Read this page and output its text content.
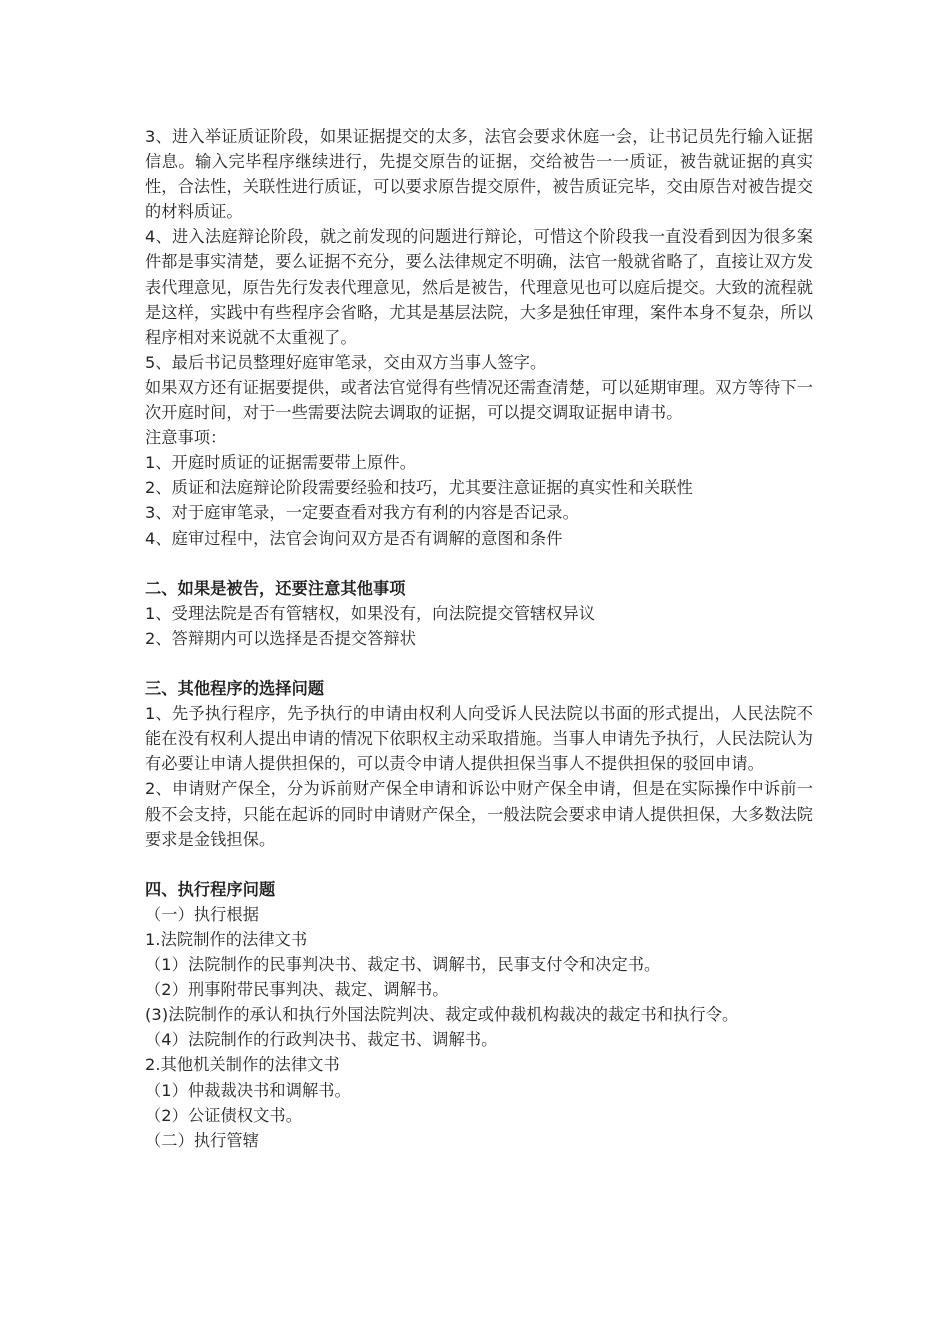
3、进入举证质证阶段，如果证据提交的太多，法官会要求休庭一会，让书记员先行输入证据信息。输入完毕程序继续进行，先提交原告的证据，交给被告一一质证，被告就证据的真实性，合法性，关联性进行质证，可以要求原告提交原件，被告质证完毕，交由原告对被告提交的材料质证。

4、进入法庭辩论阶段，就之前发现的问题进行辩论，可惜这个阶段我一直没看到因为很多案件都是事实清楚，要么证据不充分，要么法律规定不明确，法官一般就省略了，直接让双方发表代理意见，原告先行发表代理意见，然后是被告，代理意见也可以庭后提交。大致的流程就是这样，实践中有些程序会省略，尤其是基层法院，大多是独任审理，案件本身不复杂，所以程序相对来说就不太重视了。

5、最后书记员整理好庭审笔录，交由双方当事人签字。

如果双方还有证据要提供，或者法官觉得有些情况还需查清楚，可以延期审理。双方等待下一次开庭时间，对于一些需要法院去调取的证据，可以提交调取证据申请书。

注意事项：

1、开庭时质证的证据需要带上原件。

2、质证和法庭辩论阶段需要经验和技巧，尤其要注意证据的真实性和关联性

3、对于庭审笔录，一定要查看对我方有利的内容是否记录。

4、庭审过程中，法官会询问双方是否有调解的意图和条件

二、如果是被告，还要注意其他事项

1、受理法院是否有管辖权，如果没有，向法院提交管辖权异议

2、答辩期内可以选择是否提交答辩状

三、其他程序的选择问题

1、先予执行程序，先予执行的申请由权利人向受诉人民法院以书面的形式提出，人民法院不能在没有权利人提出申请的情况下依职权主动采取措施。当事人申请先予执行，人民法院认为有必要让申请人提供担保的，可以责令申请人提供担保当事人不提供担保的驳回申请。

2、申请财产保全，分为诉前财产保全申请和诉讼中财产保全申请，但是在实际操作中诉前一般不会支持，只能在起诉的同时申请财产保全，一般法院会要求申请人提供担保，大多数法院要求是金钱担保。

四、执行程序问题

（一）执行根据

1.法院制作的法律文书

（1）法院制作的民事判决书、裁定书、调解书，民事支付令和决定书。

（2）刑事附带民事判决、裁定、调解书。

(3)法院制作的承认和执行外国法院判决、裁定或仲裁机构裁决的裁定书和执行令。

（4）法院制作的行政判决书、裁定书、调解书。

2.其他机关制作的法律文书

（1）仲裁裁决书和调解书。

（2）公证债权文书。

（二）执行管辖
